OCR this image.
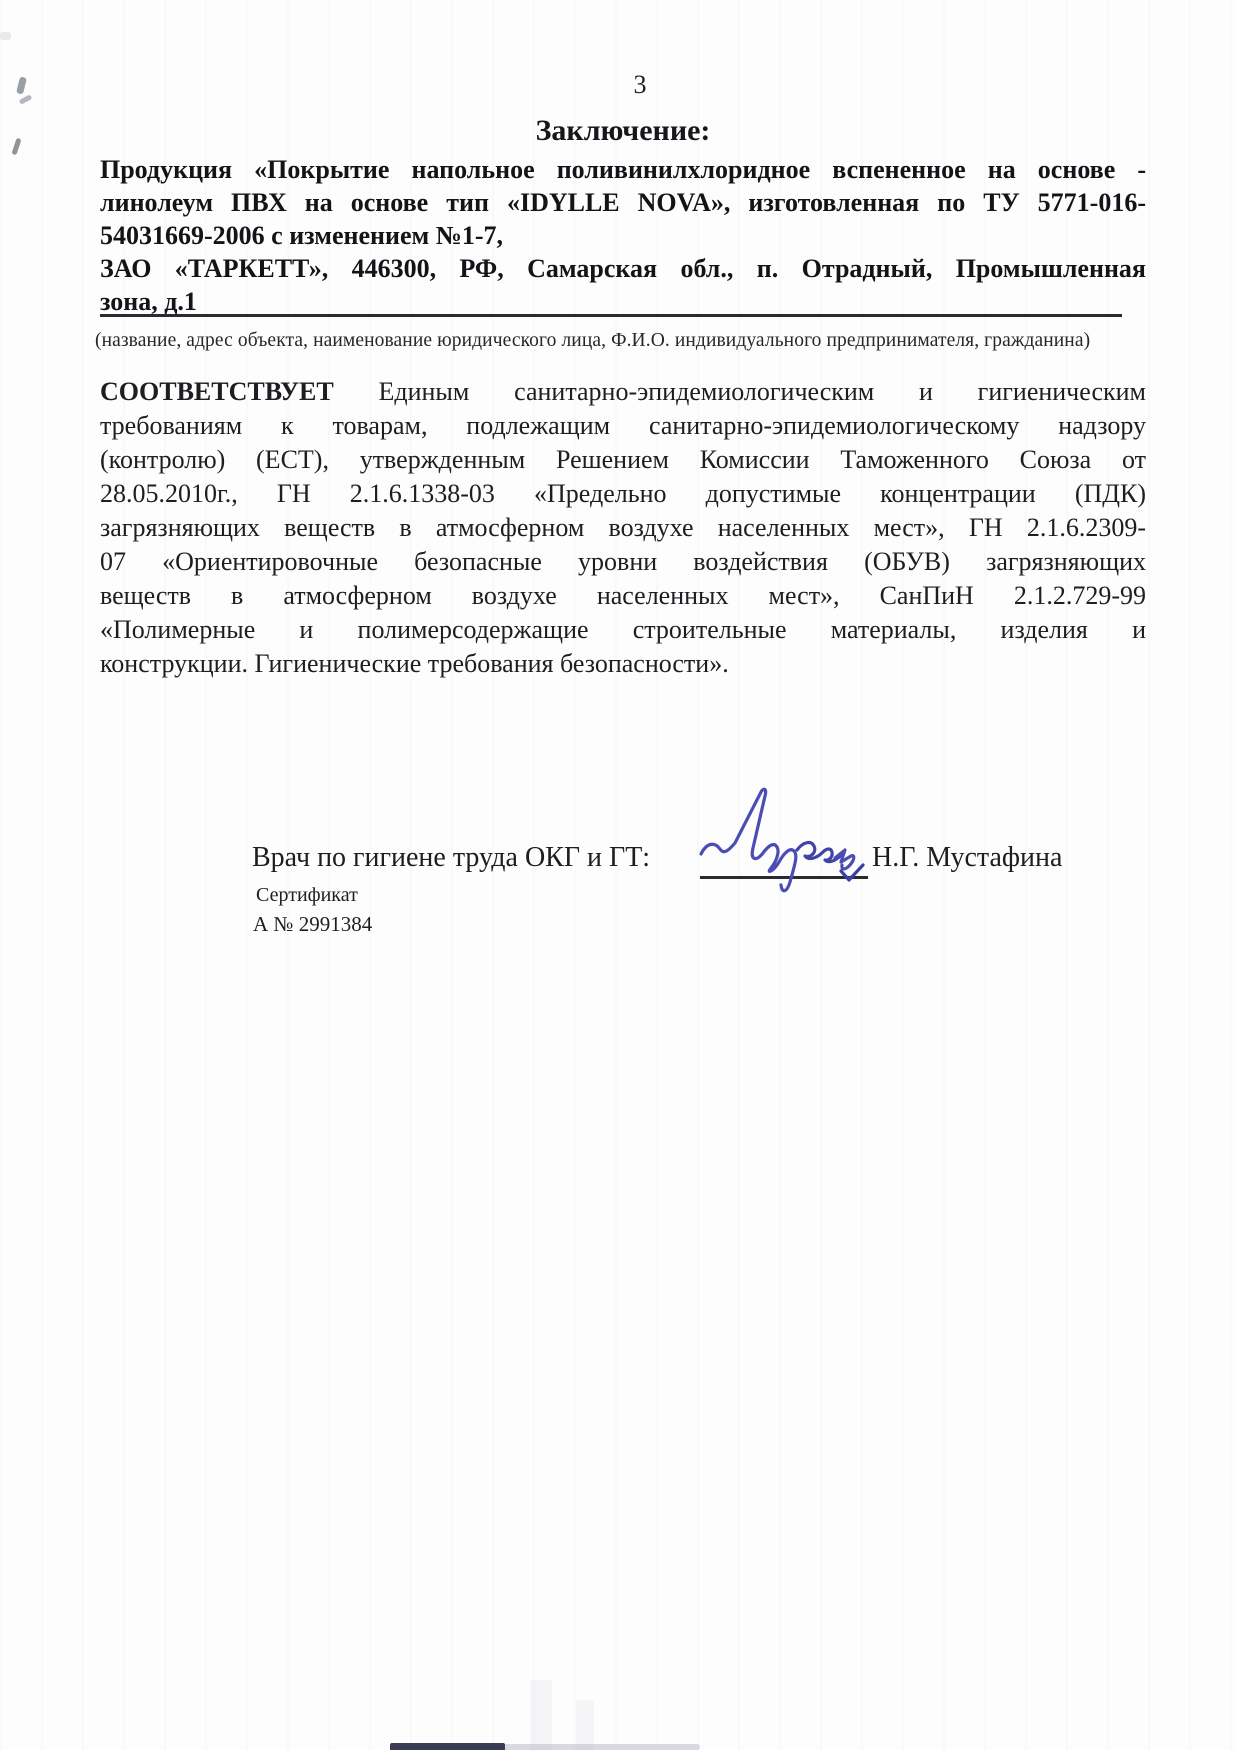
3
Заключение:
Продукция «Покрытие напольное поливинилхлоридное вспененное на основе -
линолеум ПВХ на основе тип «IDYLLE NOVA», изготовленная по ТУ 5771-016-
54031669-2006 с изменением №1-7,
ЗАО «ТАРКЕТТ», 446300, РФ, Самарская обл., п. Отрадный, Промышленная
зона, д.1
(название, адрес объекта, наименование юридического лица, Ф.И.О. индивидуального предпринимателя, гражданина)
СООТВЕТСТВУЕТ Единым санитарно-эпидемиологическим и гигиеническим
требованиям к товарам, подлежащим санитарно-эпидемиологическому надзору
(контролю) (ЕСТ), утвержденным Решением Комиссии Таможенного Союза от
28.05.2010г., ГН 2.1.6.1338-03 «Предельно допустимые концентрации (ПДК)
загрязняющих веществ в атмосферном воздухе населенных мест», ГН 2.1.6.2309-
07 «Ориентировочные безопасные уровни воздействия (ОБУВ) загрязняющих
веществ в атмосферном воздухе населенных мест», СанПиН 2.1.2.729-99
«Полимерные и полимерсодержащие строительные материалы, изделия и
конструкции. Гигиенические требования безопасности».
Врач по гигиене труда ОКГ и ГТ:	Н.Г. Мустафина
Сертификат
А № 2991384
